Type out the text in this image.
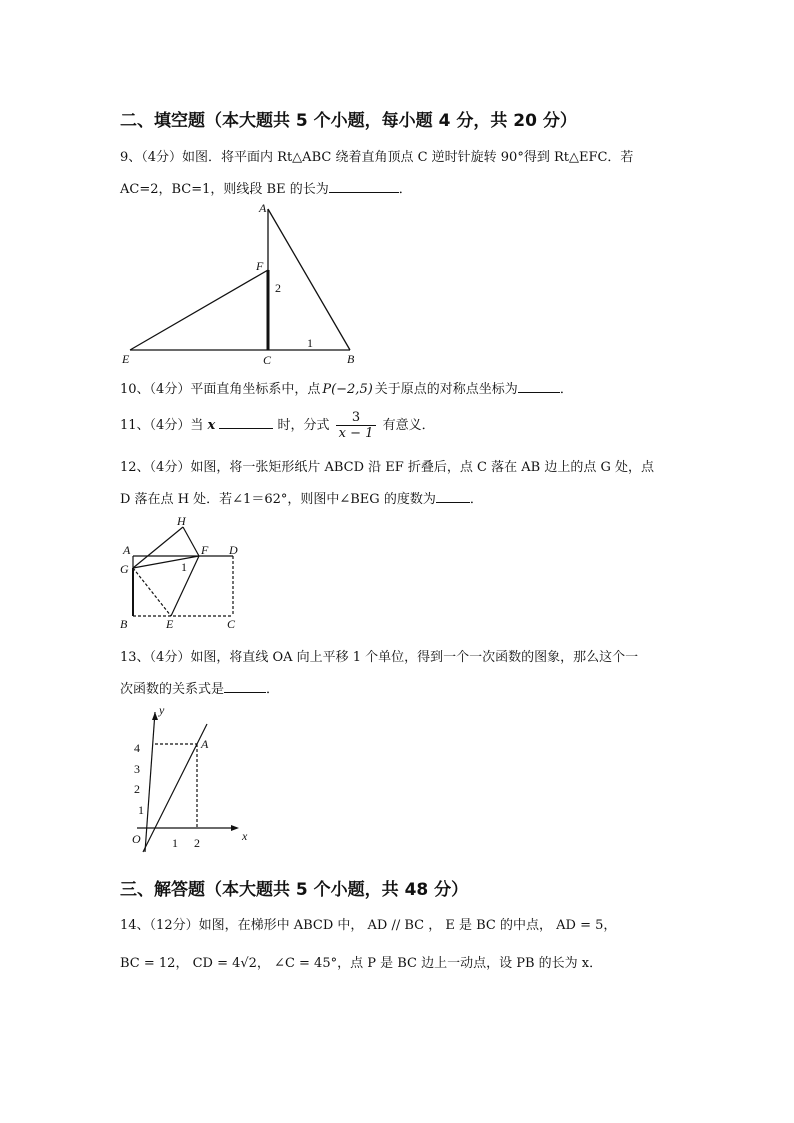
二、填空题（本大题共 5 个小题，每小题 4 分，共 20 分）
9、（4分）如图．将平面内 Rt△ABC 绕着直角顶点 C 逆时针旋转 90°得到 Rt△EFC．若
AC=2，BC=1，则线段 BE 的长为	．
A
F
2
E	C
1
B
10、（4分）平面直角坐标系中，点 P(−2,5) 关于原点的对称点坐标为	．
11、（4分）当 x	时，分式 $\frac{3}{x - 1}$ 有意义．
12、（4分）如图，将一张矩形纸片 ABCD 沿 EF 折叠后，点 C 落在 AB 边上的点 G 处，点
D 落在点 H 处．若∠1＝62°，则图中∠BEG 的度数为	．
H
A	F D
G	1
B	E	C
13、（4分）如图，将直线 OA 向上平移 1 个单位，得到一个一次函数的图象，那么这个一
次函数的关系式是	．
y
x
O
A
4
3
2
1
1 2
三、解答题（本大题共 5 个小题，共 48 分）
14、（12分）如图，在梯形中 ABCD 中， AD // BC ， E 是 BC 的中点， AD = 5，
BC = 12， CD = 4√2， ∠C = 45°，点 P 是 BC 边上一动点，设 PB 的长为 x．
